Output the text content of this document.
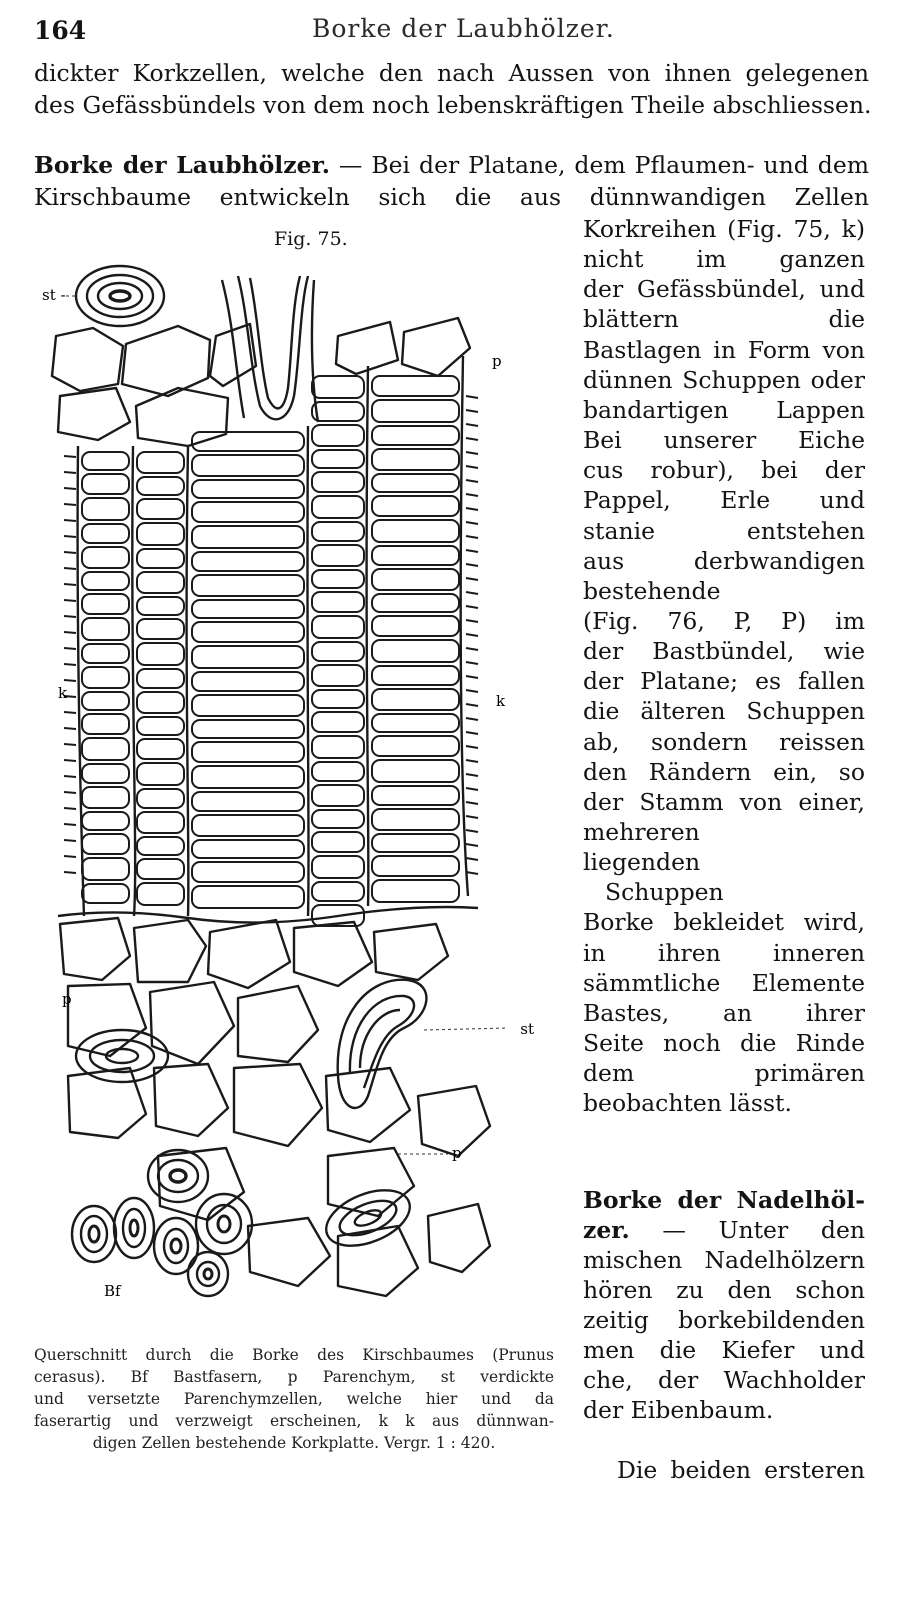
164	Borke der Laubhölzer.
dickter Korkzellen, welche den nach Aussen von ihnen gelegenen
des Gefässbündels von dem noch lebenskräftigen Theile abschliessen.
Borke der Laubhölzer. — Bei der Platane, dem Pflaumen- und dem
Kirschbaume entwickeln sich die aus dünnwandigen Zellen
Korkreihen (Fig. 75, k)
nicht im ganzen
der Gefässbündel, und
blättern die
Bastlagen in Form von
dünnen Schuppen oder
bandartigen Lappen
Bei unserer Eiche
cus robur), bei der
Pappel, Erle und
stanie entstehen
aus derbwandigen
bestehende
(Fig. 76, P, P) im
der Bastbündel, wie
der Platane; es fallen
die älteren Schuppen
ab, sondern reissen
den Rändern ein, so
der Stamm von einer,
mehreren
liegenden
Schuppen
Borke bekleidet wird,
in ihren inneren
sämmtliche Elemente
Bastes, an ihrer
Seite noch die Rinde
dem primären
beobachten lässt.
Borke der Nadelhöl-
zer. — Unter den
mischen Nadelhölzern
hören zu den schon
zeitig borkebildenden
men die Kiefer und
che, der Wachholder
der Eibenbaum.
Die beiden ersteren
Fig. 75.
st -
p
k	k
p
st
p
Bf
Querschnitt durch die Borke des Kirschbaumes (Prunus
cerasus). Bf Bastfasern, p Parenchym, st verdickte
und versetzte Parenchymzellen, welche hier und da
faserartig und verzweigt erscheinen, k k aus dünnwan-
digen Zellen bestehende Korkplatte. Vergr. 1 : 420.
